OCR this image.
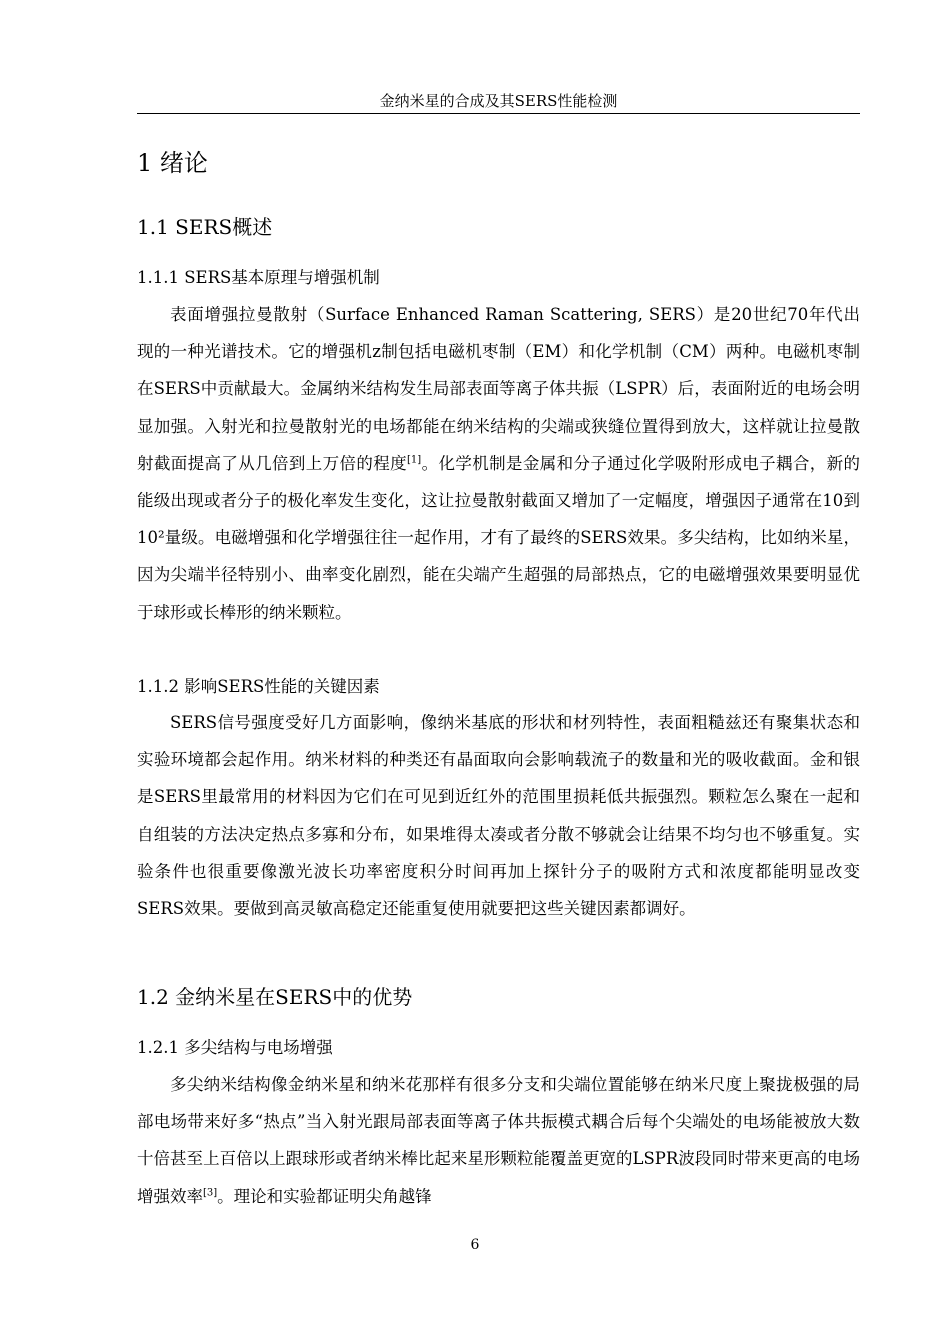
金纳米星的合成及其SERS性能检测
1 绪论
1.1 SERS概述
1.1.1 SERS基本原理与增强机制

表面增强拉曼散射（Surface Enhanced Raman Scattering, SERS）是20世纪70年代出现的一种光谱技术。它的增强机z制包括电磁机枣制（EM）和化学机制（CM）两种。电磁机枣制在SERS中贡献最大。金属纳米结构发生局部表面等离子体共振（LSPR）后，表面附近的电场会明显加强。入射光和拉曼散射光的电场都能在纳米结构的尖端或狭缝位置得到放大，这样就让拉曼散射截面提高了从几倍到上万倍的程度[1]。化学机制是金属和分子通过化学吸附形成电子耦合，新的能级出现或者分子的极化率发生变化，这让拉曼散射截面又增加了一定幅度，增强因子通常在10到10²量级。电磁增强和化学增强往往一起作用，才有了最终的SERS效果。多尖结构，比如纳米星，因为尖端半径特别小、曲率变化剧烈，能在尖端产生超强的局部热点，它的电磁增强效果要明显优于球形或长棒形的纳米颗粒。

1.1.2 影响SERS性能的关键因素

SERS信号强度受好几方面影响，像纳米基底的形状和材列特性，表面粗糙兹还有聚集状态和实验环境都会起作用。纳米材料的种类还有晶面取向会影响载流子的数量和光的吸收截面。金和银是SERS里最常用的材料因为它们在可见到近红外的范围里损耗低共振强烈。颗粒怎么聚在一起和自组装的方法决定热点多寡和分布，如果堆得太凑或者分散不够就会让结果不均匀也不够重复。实验条件也很重要像激光波长功率密度积分时间再加上探针分子的吸附方式和浓度都能明显改变SERS效果。要做到高灵敏高稳定还能重复使用就要把这些关键因素都调好。

1.2 金纳米星在SERS中的优势
1.2.1 多尖结构与电场增强

多尖纳米结构像金纳米星和纳米花那样有很多分支和尖端位置能够在纳米尺度上聚拢极强的局部电场带来好多“热点”当入射光跟局部表面等离子体共振模式耦合后每个尖端处的电场能被放大数十倍甚至上百倍以上跟球形或者纳米棒比起来星形颗粒能覆盖更宽的LSPR波段同时带来更高的电场增强效率[3]。理论和实验都证明尖角越锋

6
